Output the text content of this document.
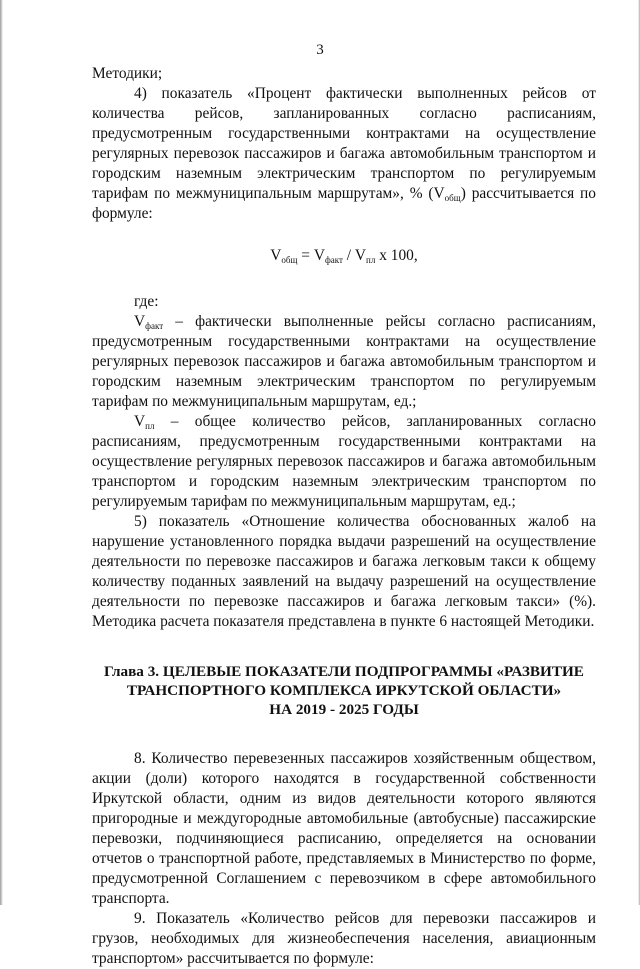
3

Методики;

4) показатель «Процент фактически выполненных рейсов от количества рейсов, запланированных согласно расписаниям, предусмотренным государственными контрактами на осуществление регулярных перевозок пассажиров и багажа автомобильным транспортом и городским наземным электрическим транспортом по регулируемым тарифам по межмуниципальным маршрутам», % $(V_{общ})$ рассчитывается по формуле:

$V_{общ} = V_{факт} / V_{пл}$ x 100,

где:

$V_{факт}$ – фактически выполненные рейсы согласно расписаниям, предусмотренным государственными контрактами на осуществление регулярных перевозок пассажиров и багажа автомобильным транспортом и городским наземным электрическим транспортом по регулируемым тарифам по межмуниципальным маршрутам, ед.;

$V_{пл}$ – общее количество рейсов, запланированных согласно расписаниям, предусмотренным государственными контрактами на осуществление регулярных перевозок пассажиров и багажа автомобильным транспортом и городским наземным электрическим транспортом по регулируемым тарифам по межмуниципальным маршрутам, ед.;

5) показатель «Отношение количества обоснованных жалоб на нарушение установленного порядка выдачи разрешений на осуществление деятельности по перевозке пассажиров и багажа легковым такси к общему количеству поданных заявлений на выдачу разрешений на осуществление деятельности по перевозке пассажиров и багажа легковым такси» (%). Методика расчета показателя представлена в пункте 6 настоящей Методики.

Глава 3. ЦЕЛЕВЫЕ ПОКАЗАТЕЛИ ПОДПРОГРАММЫ «РАЗВИТИЕ
ТРАНСПОРТНОГО КОМПЛЕКСА ИРКУТСКОЙ ОБЛАСТИ»
НА 2019 - 2025 ГОДЫ

8. Количество перевезенных пассажиров хозяйственным обществом, акции (доли) которого находятся в государственной собственности Иркутской области, одним из видов деятельности которого являются пригородные и междугородные автомобильные (автобусные) пассажирские перевозки, подчиняющиеся расписанию, определяется на основании отчетов о транспортной работе, представляемых в Министерство по форме, предусмотренной Соглашением с перевозчиком в сфере автомобильного транспорта.

9. Показатель «Количество рейсов для перевозки пассажиров и грузов, необходимых для жизнеобеспечения населения, авиационным транспортом» рассчитывается по формуле:
